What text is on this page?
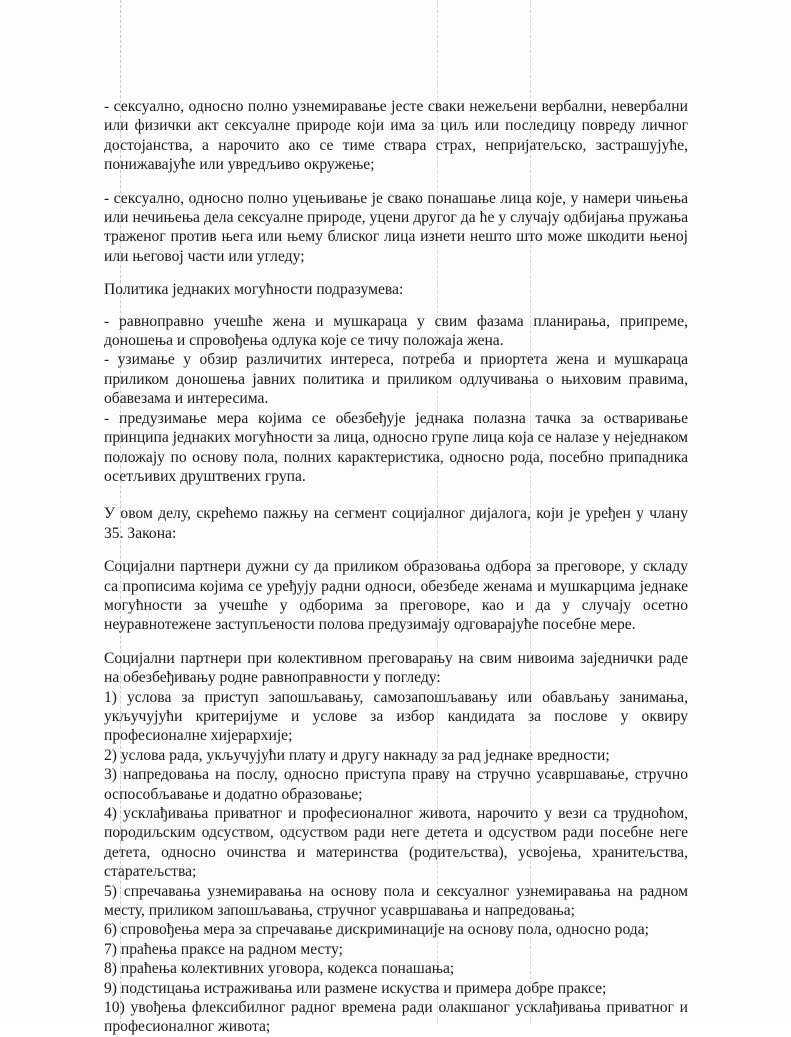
- сексуално, односно полно узнемиравање јесте сваки нежељени вербални, невербални или физички акт сексуалне природе који има за циљ или последицу повреду личног достојанства, а нарочито ако се тиме ствара страх, непријатељско, застрашујуће, понижавајуће или увредљиво окружење;

- сексуално, односно полно уцењивање је свако понашање лица које, у намери чињења или нечињења дела сексуалне природе, уцени другог да ће у случају одбијања пружања траженог против њега или њему блиског лица изнети нешто што може шкодити њеној или његовој части или угледу;

Политика једнаких могућности подразумева:

- равноправно учешће жена и мушкараца у свим фазама планирања, припреме, доношења и спровођења одлука које се тичу положаја жена.

- узимање у обзир различитих интереса, потреба и приортета жена и мушкараца приликом доношења јавних политика и приликом одлучивања о њиховим правима, обавезама и интересима.

- предузимање мера којима се обезбеђује једнака полазна тачка за остваривање принципа једнаких могућности за лица, односно групе лица која се налазе у неједнаком положају по основу пола, полних карактеристика, односно рода, посебно припадника осетљивих друштвених група.

У овом делу, скрећемо пажњу на сегмент социјалног дијалога, који је уређен у члану 35. Закона:

Социјални партнери дужни су да приликом образовања одбора за преговоре, у складу са прописима којима се уређују радни односи, обезбеде женама и мушкарцима једнаке могућности за учешће у одборима за преговоре, као и да у случају осетно неуравнотежене заступљености полова предузимају одговарајуће посебне мере.

Социјални партнери при колективном преговарању на свим нивоима заједнички раде на обезбеђивању родне равноправности у погледу:

1) услова за приступ запошљавању, самозапошљавању или обављању занимања, укључујући критеријуме и услове за избор кандидата за послове у оквиру професионалне хијерархије;

2) услова рада, укључујући плату и другу накнаду за рад једнаке вредности;

3) напредовања на послу, односно приступа праву на стручно усавршавање, стручно оспособљавање и додатно образовање;

4) усклађивања приватног и професионалног живота, нарочито у вези са трудноћом, породиљским одсуством, одсуством ради неге детета и одсуством ради посебне неге детета, односно очинства и материнства (родитељства), усвојења, хранитељства, старатељства;

5) спречавања узнемиравања на основу пола и сексуалног узнемиравања на радном месту, приликом запошљавања, стручног усавршавања и напредовања;

6) спровођења мера за спречавање дискриминације на основу пола, односно рода;

7) праћења праксе на радном месту;

8) праћења колективних уговора, кодекса понашања;

9) подстицања истраживања или размене искуства и примера добре праксе;

10) увођења флексибилног радног времена ради олакшаног усклађивања приватног и професионалног живота;
